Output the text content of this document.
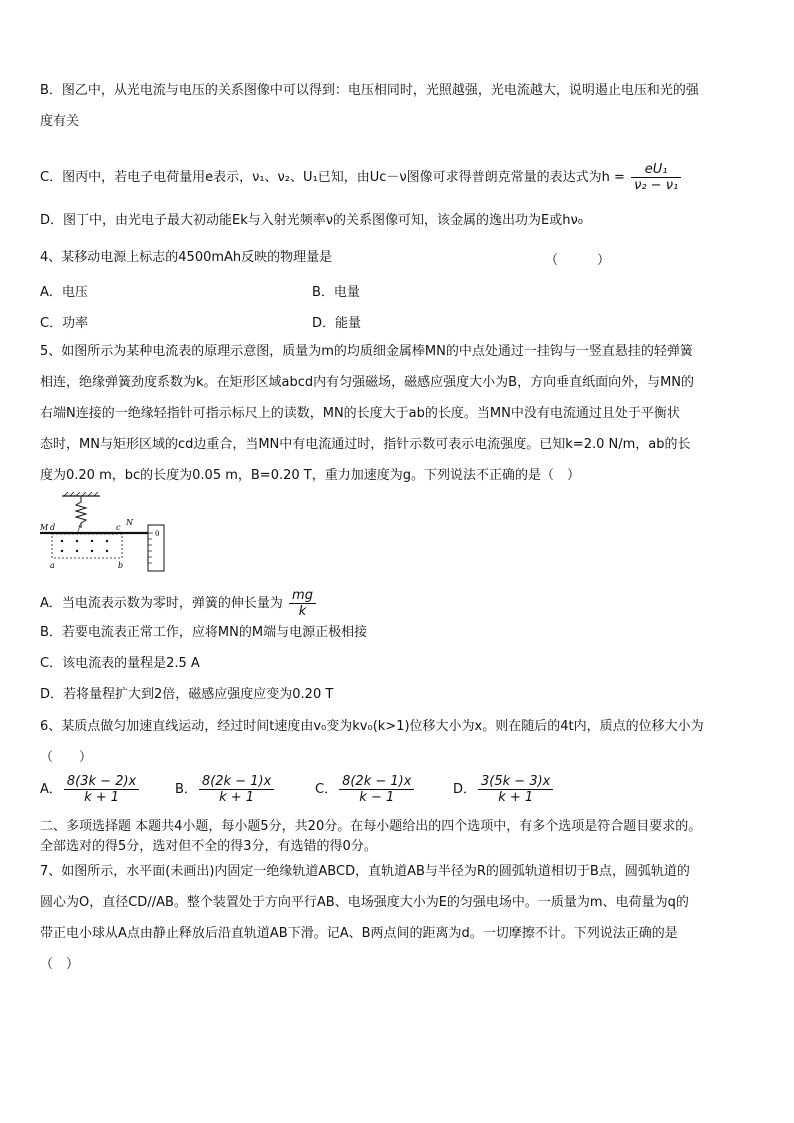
B．图乙中，从光电流与电压的关系图像中可以得到：电压相同时，光照越强，光电流越大，说明遏止电压和光的强
度有关
C．图丙中，若电子电荷量用e表示，ν₁、ν₂、U₁已知，由Uc－ν图像可求得普朗克常量的表达式为$h = \frac{\text{eU₁}}{\text{ν₂ − ν₁}}$
D．图丁中，由光电子最大初动能Ek与入射光频率ν的关系图像可知，该金属的逸出功为E或hν₀
4、某移动电源上标志的4500mAh反映的物理量是	（　　　）
A．电压	B．电量
C．功率	D．能量
5、如图所示为某种电流表的原理示意图，质量为m的均质细金属棒MN的中点处通过一挂钩与一竖直悬挂的轻弹簧
相连，绝缘弹簧劲度系数为k。在矩形区域abcd内有匀强磁场，磁感应强度大小为B，方向垂直纸面向外，与MN的
右端N连接的一绝缘轻指针可指示标尺上的读数，MN的长度大于ab的长度。当MN中没有电流通过且处于平衡状
态时，MN与矩形区域的cd边重合，当MN中有电流通过时，指针示数可表示电流强度。已知k=2.0 N/m，ab的长
度为0.20 m，bc的长度为0.05 m，B=0.20 T，重力加速度为g。下列说法不正确的是（　）
0
M d	f	c
N
a	b
A．当电流表示数为零时，弹簧的伸长量为 $\frac{mg}{k}$
B．若要电流表正常工作，应将MN的M端与电源正极相接
C．该电流表的量程是2.5 A
D．若将量程扩大到2倍，磁感应强度应变为0.20 T
6、某质点做匀加速直线运动，经过时间t速度由v₀变为kv₀(k>1)位移大小为x。则在随后的4t内，质点的位移大小为
（　　）
A． $\frac{8(3k - 2)x}{k + 1}$	B． $\frac{8(2k - 1)x}{k + 1}$	C． $\frac{8(2k - 1)x}{k - 1}$	D． $\frac{3(5k - 3)x}{k + 1}$
二、多项选择题 本题共4小题，每小题5分，共20分。在每小题给出的四个选项中，有多个选项是符合题目要求的。
全部选对的得5分，选对但不全的得3分，有选错的得0分。
7、如图所示，水平面(未画出)内固定一绝缘轨道ABCD，直轨道AB与半径为R的圆弧轨道相切于B点，圆弧轨道的
圆心为O，直径CD//AB。整个装置处于方向平行AB、电场强度大小为E的匀强电场中。一质量为m、电荷量为q的
带正电小球从A点由静止释放后沿直轨道AB下滑。记A、B两点间的距离为d。一切摩擦不计。下列说法正确的是
（　）
